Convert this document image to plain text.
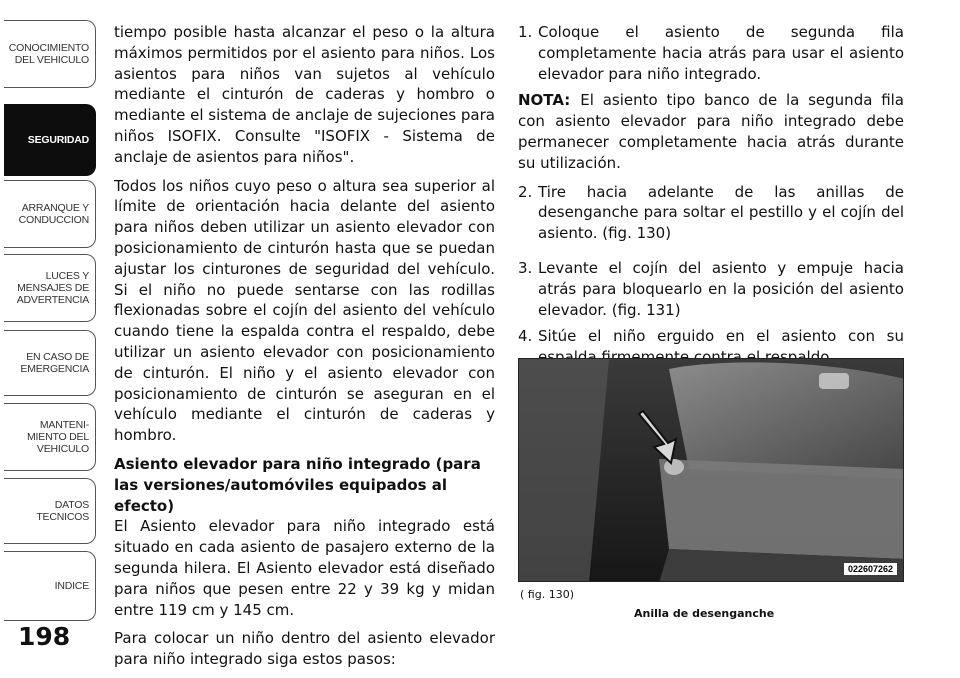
CONOCIMIENTO
DEL VEHICULO
SEGURIDAD
ARRANQUE Y
CONDUCCION
LUCES Y
MENSAJES DE
ADVERTENCIA
EN CASO DE
EMERGENCIA
MANTENI-
MIENTO DEL
VEHICULO
DATOS
TECNICOS
INDICE
198

tiempo posible hasta alcanzar el peso o la altura máximos permitidos por el asiento para niños. Los asientos para niños van sujetos al vehículo mediante el cinturón de caderas y hombro o mediante el sistema de anclaje de sujeciones para niños ISOFIX. Consulte "ISOFIX - Sistema de anclaje de asientos para niños".

Todos los niños cuyo peso o altura sea superior al límite de orientación hacia delante del asiento para niños deben utilizar un asiento elevador con posicionamiento de cinturón hasta que se puedan ajustar los cinturones de seguridad del vehículo. Si el niño no puede sentarse con las rodillas flexionadas sobre el cojín del asiento del vehículo cuando tiene la espalda contra el respaldo, debe utilizar un asiento elevador con posicionamiento de cinturón. El niño y el asiento elevador con posicionamiento de cinturón se aseguran en el vehículo mediante el cinturón de caderas y hombro.

Asiento elevador para niño integrado (para las versiones/automóviles equipados al efecto)

El Asiento elevador para niño integrado está situado en cada asiento de pasajero externo de la segunda hilera. El Asiento elevador está diseñado para niños que pesen entre 22 y 39 kg y midan entre 119 cm y 145 cm.

Para colocar un niño dentro del asiento elevador para niño integrado siga estos pasos:

1. Coloque el asiento de segunda fila completamente hacia atrás para usar el asiento elevador para niño integrado.

NOTA: El asiento tipo banco de la segunda fila con asiento elevador para niño integrado debe permanecer completamente hacia atrás durante su utilización.

2. Tire hacia adelante de las anillas de desenganche para soltar el pestillo y el cojín del asiento. (fig. 130)
3. Levante el cojín del asiento y empuje hacia atrás para bloquearlo en la posición del asiento elevador. (fig. 131)
4. Sitúe el niño erguido en el asiento con su
022607262
( fig. 130)
Anilla de desenganche
